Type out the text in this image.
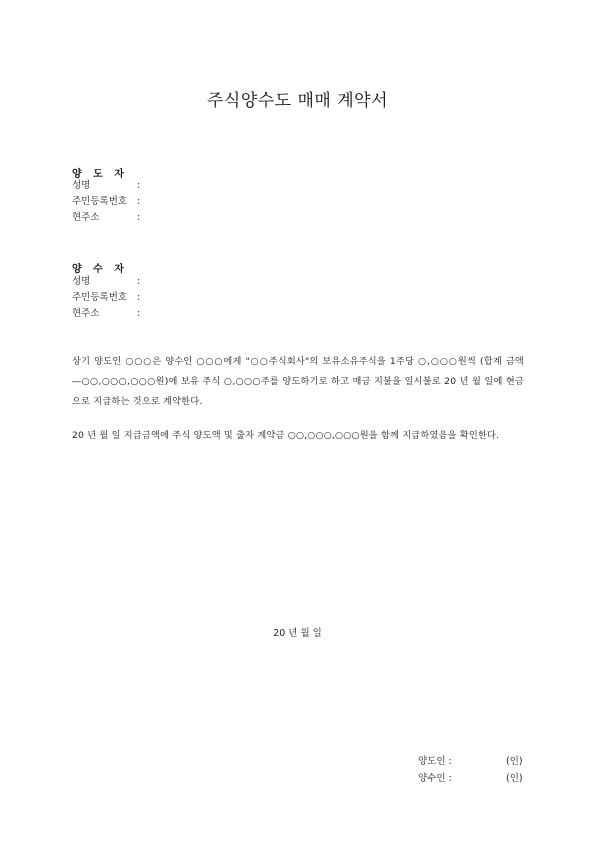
주식양수도 매매 계약서
양 도 자
성명	:
주민등록번호 :
현주소	:
양 수 자
성명	:
주민등록번호 :
현주소	:
상기 양도인 ○○○은 양수인 ○○○에게 "○○주식회사"의 보유소유주식을 1주당 ○,○○○원씩 (합계 금액 ―○○,○○○,○○○원)에 보유 주식 ○,○○○주를 양도하기로 하고 매금 지불을 일시불로 20 년 월 일에 현금으로 지급하는 것으로 계약한다.
20 년 월 일 지급금액에 주식 양도액 및 출자 계약금 ○○,○○○,○○○원을 함께 지급하였음을 확인한다.
20 년 월 일
양도인 :	(인)
양수인 :	(인)
